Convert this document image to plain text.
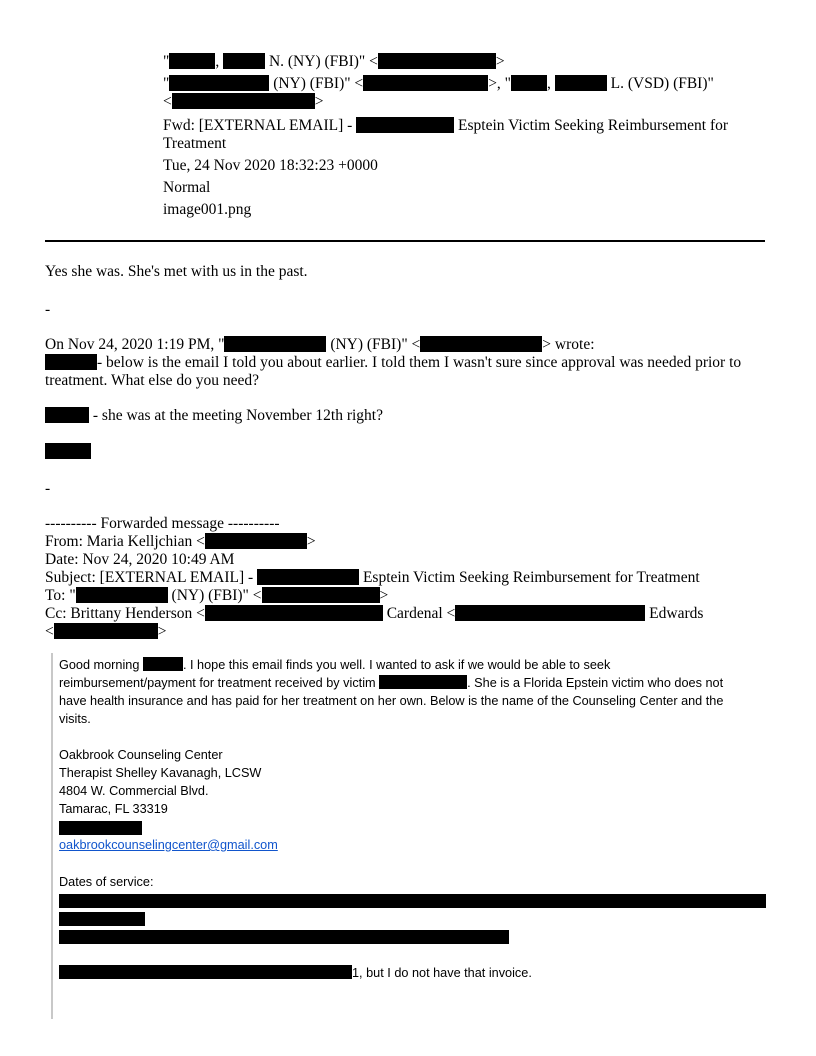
"	,	N. (NY) (FBI)" <	>
"	(NY) (FBI)" <	>, " ,	L. (VSD) (FBI)"
<	>
Fwd: [EXTERNAL EMAIL] -	Esptein Victim Seeking Reimbursement for
Treatment
Tue, 24 Nov 2020 18:32:23 +0000
Normal
image001.png
Yes she was. She's met with us in the past.
-
On Nov 24, 2020 1:19 PM, "	(NY) (FBI)" <	> wrote:
- below is the email I told you about earlier. I told them I wasn't sure since approval was needed prior to
treatment. What else do you need?
- she was at the meeting November 12th right?
-
---------- Forwarded message ----------
From: Maria Kelljchian <	>
Date: Nov 24, 2020 10:49 AM
Subject: [EXTERNAL EMAIL] -	Esptein Victim Seeking Reimbursement for Treatment
To: "	(NY) (FBI)" <	>
Cc: Brittany Henderson <	Cardenal <	Edwards
<	>
Good morning	. I hope this email finds you well. I wanted to ask if we would be able to seek
reimbursement/payment for treatment received by victim	. She is a Florida Epstein victim who does not
have health insurance and has paid for her treatment on her own. Below is the name of the Counseling Center and the
visits.
Oakbrook Counseling Center
Therapist Shelley Kavanagh, LCSW
4804 W. Commercial Blvd.
Tamarac, FL 33319
oakbrookcounselingcenter@gmail.com
Dates of service:
1, but I do not have that invoice.
